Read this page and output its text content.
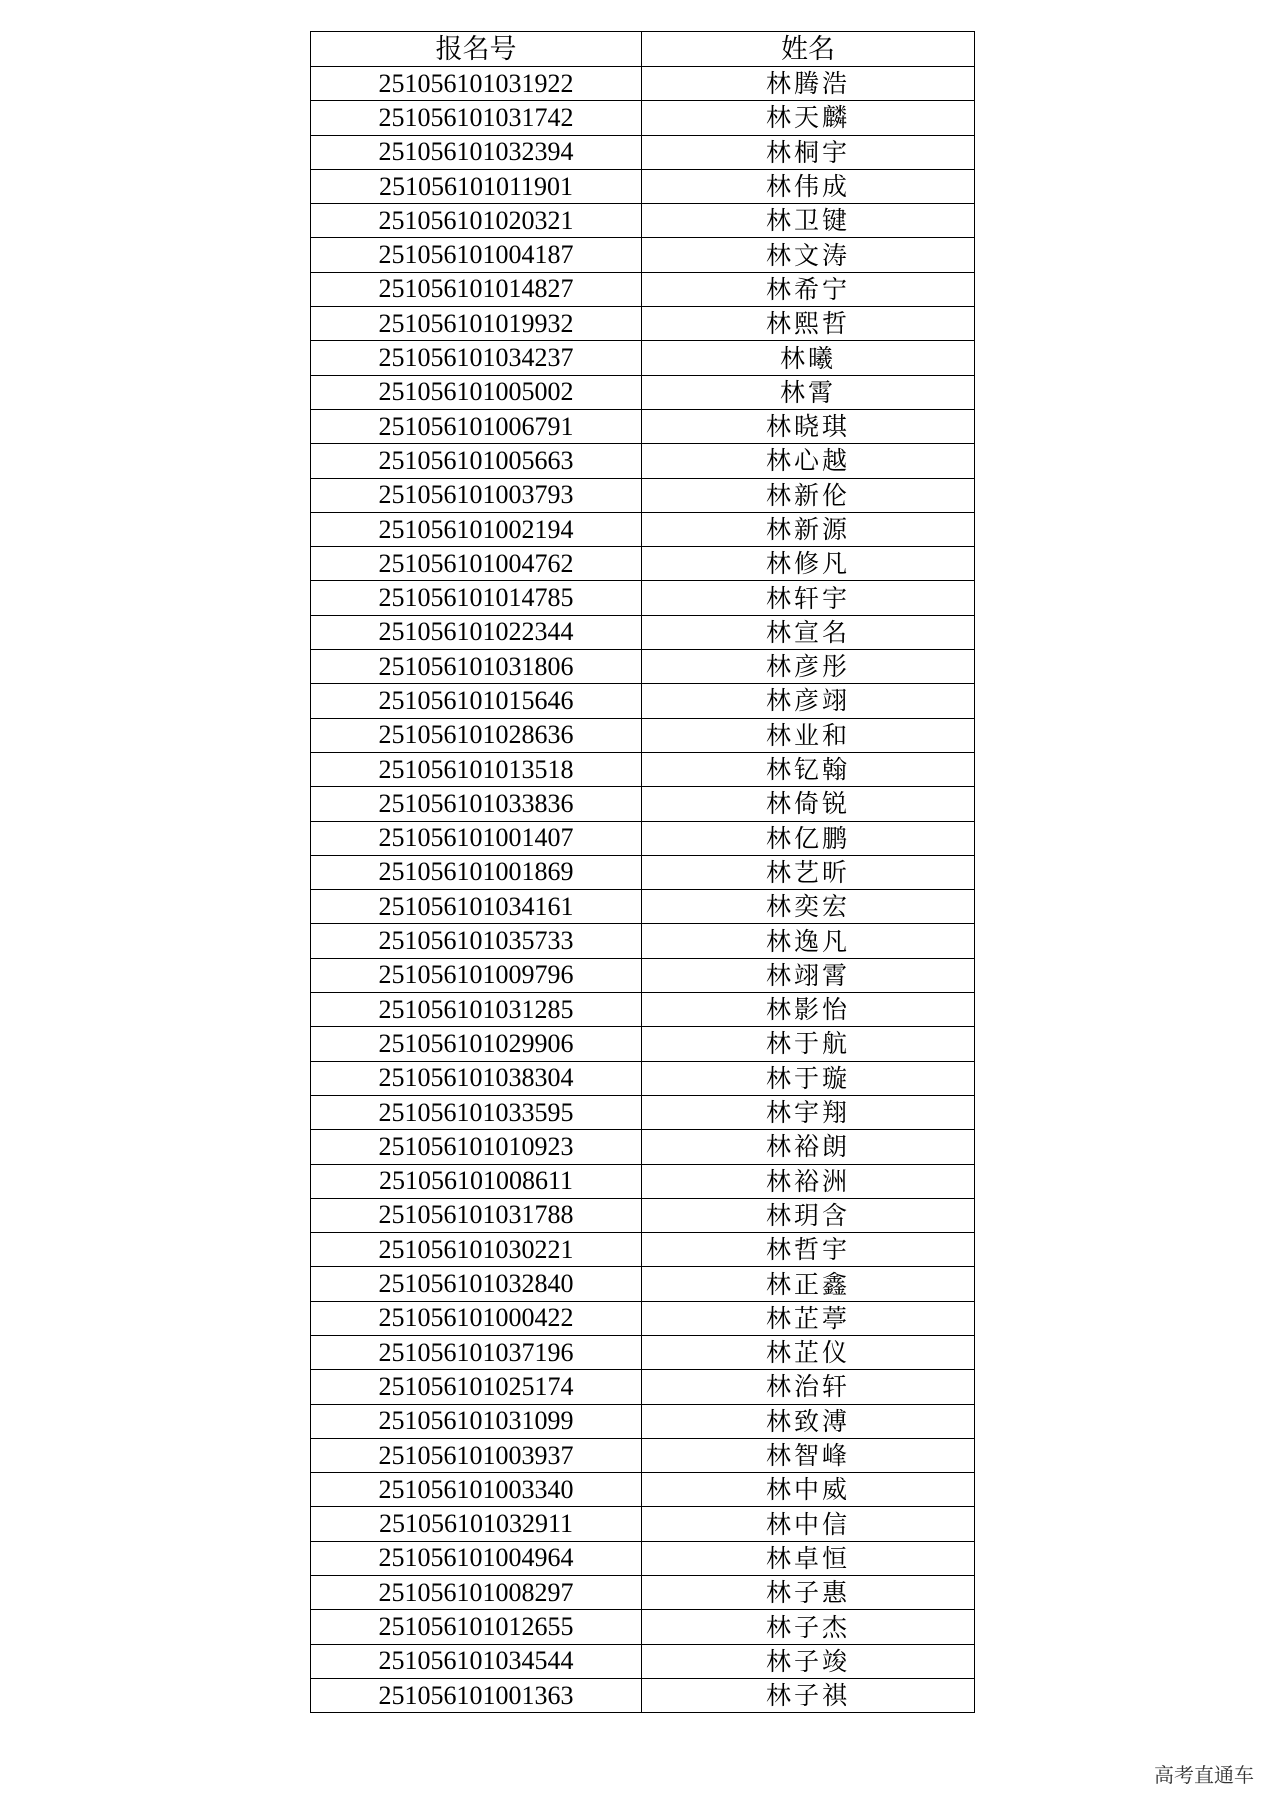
报名号	姓名
251056101031922	林腾浩
251056101031742	林天麟
251056101032394	林桐宇
251056101011901	林伟成
251056101020321	林卫键
251056101004187	林文涛
251056101014827	林希宁
251056101019932	林熙哲
251056101034237	林曦
251056101005002	林霄
251056101006791	林晓琪
251056101005663	林心越
251056101003793	林新伦
251056101002194	林新源
251056101004762	林修凡
251056101014785	林轩宇
251056101022344	林宣名
251056101031806	林彦彤
251056101015646	林彦翊
251056101028636	林业和
251056101013518	林钇翰
251056101033836	林倚锐
251056101001407	林亿鹏
251056101001869	林艺昕
251056101034161	林奕宏
251056101035733	林逸凡
251056101009796	林翊霄
251056101031285	林影怡
251056101029906	林于航
251056101038304	林于璇
251056101033595	林宇翔
251056101010923	林裕朗
251056101008611	林裕洲
251056101031788	林玥含
251056101030221	林哲宇
251056101032840	林正鑫
251056101000422	林芷葶
251056101037196	林芷仪
251056101025174	林治轩
251056101031099	林致溥
251056101003937	林智峰
251056101003340	林中威
251056101032911	林中信
251056101004964	林卓恒
251056101008297	林子惠
251056101012655	林子杰
251056101034544	林子竣
251056101001363	林子祺
高考直通车
